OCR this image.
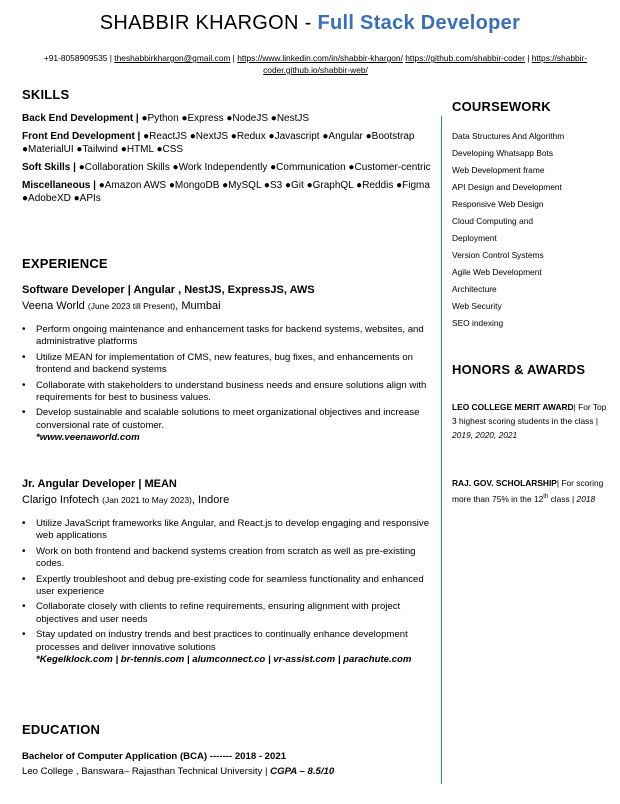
SHABBIR KHARGON - Full Stack Developer
+91-8058909535 | theshabbirkhargon@gmail.com | https://www.linkedin.com/in/shabbir-khargon/ https://github.com/shabbir-coder | https://shabbir-coder.github.io/shabbir-web/
SKILLS
Back End Development | ●Python ●Express ●NodeJS ●NestJS
Front End Development | ●ReactJS ●NextJS ●Redux ●Javascript ●Angular ●Bootstrap ●MaterialUI ●Tailwind ●HTML ●CSS
Soft Skills | ●Collaboration Skills ●Work Independently ●Communication ●Customer-centric
Miscellaneous | ●Amazon AWS ●MongoDB ●MySQL ●S3 ●Git ●GraphQL ●Reddis ●Figma ●AdobeXD ●APIs
EXPERIENCE
Software Developer | Angular , NestJS, ExpressJS, AWS
Veena World (June 2023 till Present), Mumbai
• Perform ongoing maintenance and enhancement tasks for backend systems, websites, and administrative platforms
• Utilize MEAN for implementation of CMS, new features, bug fixes, and enhancements on frontend and backend systems
• Collaborate with stakeholders to understand business needs and ensure solutions align with requirements for best to business values.
• Develop sustainable and scalable solutions to meet organizational objectives and increase conversional rate of customer.
*www.veenaworld.com
Jr. Angular Developer | MEAN
Clarigo Infotech (Jan 2021 to May 2023), Indore
• Utilize JavaScript frameworks like Angular, and React.js to develop engaging and responsive web applications
• Work on both frontend and backend systems creation from scratch as well as pre-existing codes.
• Expertly troubleshoot and debug pre-existing code for seamless functionality and enhanced user experience
• Collaborate closely with clients to refine requirements, ensuring alignment with project objectives and user needs
• Stay updated on industry trends and best practices to continually enhance development processes and deliver innovative solutions
*Kegelklock.com | br-tennis.com | alumconnect.co | vr-assist.com | parachute.com
EDUCATION
Bachelor of Computer Application (BCA) ------- 2018 - 2021
Leo College , Banswara– Rajasthan Technical University | CGPA – 8.5/10
COURSEWORK
Data Structures And Algorithm
Developing Whatsapp Bots
Web Development frame
API Design and Development
Responsive Web Design
Cloud Computing and
Deployment
Version Control Systems
Agile Web Development
Architecture
Web Security
SEO indexing
HONORS & AWARDS
LEO COLLEGE MERIT AWARD| For Top 3 highest scoring students in the class | 2019, 2020, 2021
RAJ. GOV. SCHOLARSHIP| For scoring more than 75% in the 12th class | 2018
